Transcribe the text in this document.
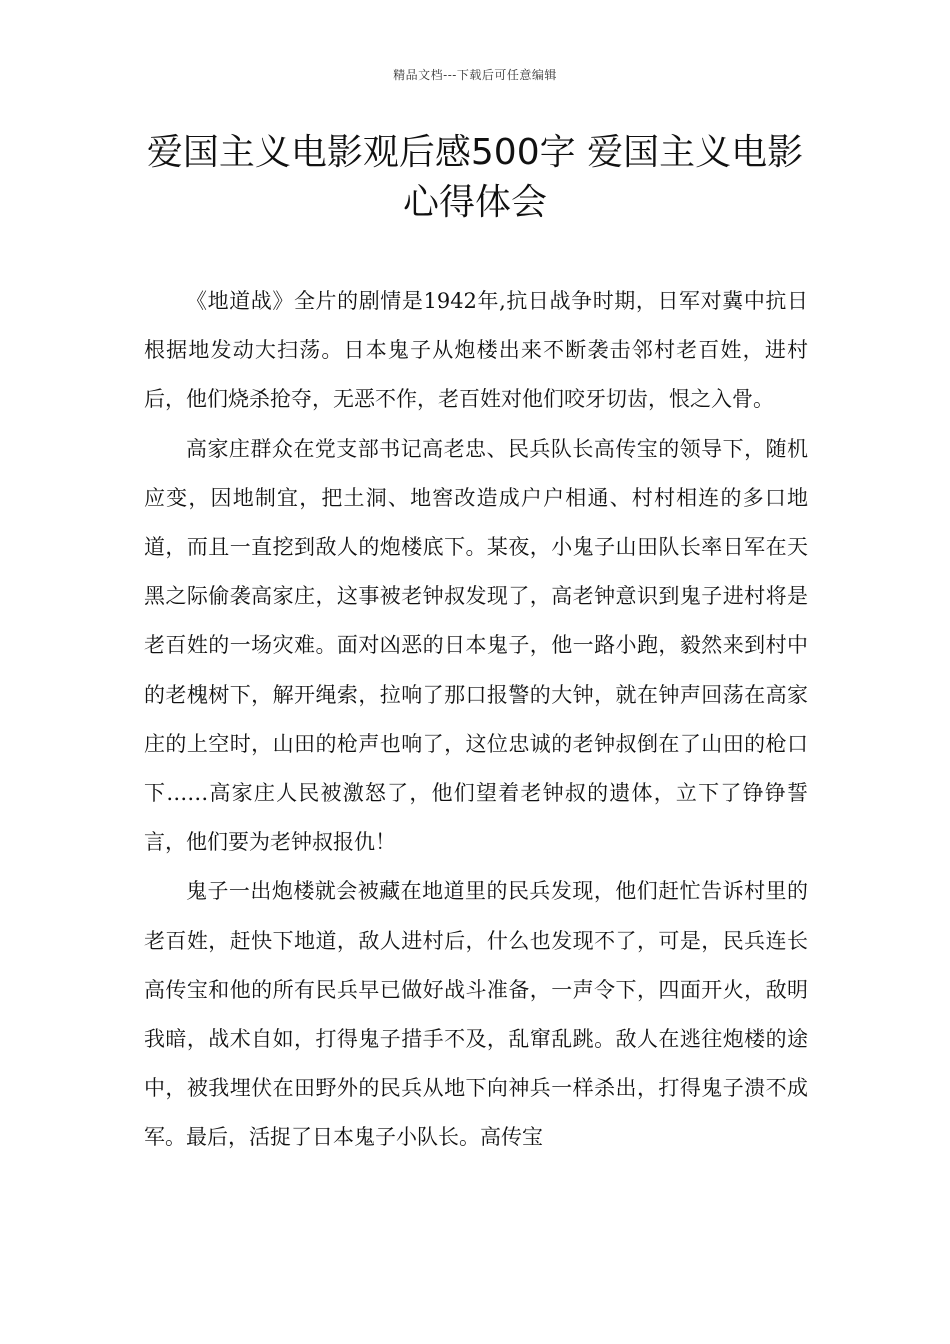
精品文档---下载后可任意编辑
爱国主义电影观后感500字 爱国主义电影心得体会

《地道战》全片的剧情是1942年,抗日战争时期，日军对冀中抗日根据地发动大扫荡。日本鬼子从炮楼出来不断袭击邻村老百姓，进村后，他们烧杀抢夺，无恶不作，老百姓对他们咬牙切齿，恨之入骨。

高家庄群众在党支部书记高老忠、民兵队长高传宝的领导下，随机应变，因地制宜，把土洞、地窖改造成户户相通、村村相连的多口地道，而且一直挖到敌人的炮楼底下。某夜，小鬼子山田队长率日军在天黑之际偷袭高家庄，这事被老钟叔发现了，高老钟意识到鬼子进村将是老百姓的一场灾难。面对凶恶的日本鬼子，他一路小跑，毅然来到村中的老槐树下，解开绳索，拉响了那口报警的大钟，就在钟声回荡在高家庄的上空时，山田的枪声也响了，这位忠诚的老钟叔倒在了山田的枪口下……高家庄人民被激怒了，他们望着老钟叔的遗体，立下了铮铮誓言，他们要为老钟叔报仇！

鬼子一出炮楼就会被藏在地道里的民兵发现，他们赶忙告诉村里的老百姓，赶快下地道，敌人进村后，什么也发现不了，可是，民兵连长高传宝和他的所有民兵早已做好战斗准备，一声令下，四面开火，敌明我暗，战术自如，打得鬼子措手不及，乱窜乱跳。敌人在逃往炮楼的途中，被我埋伏在田野外的民兵从地下向神兵一样杀出，打得鬼子溃不成军。最后，活捉了日本鬼子小队长。高传宝
